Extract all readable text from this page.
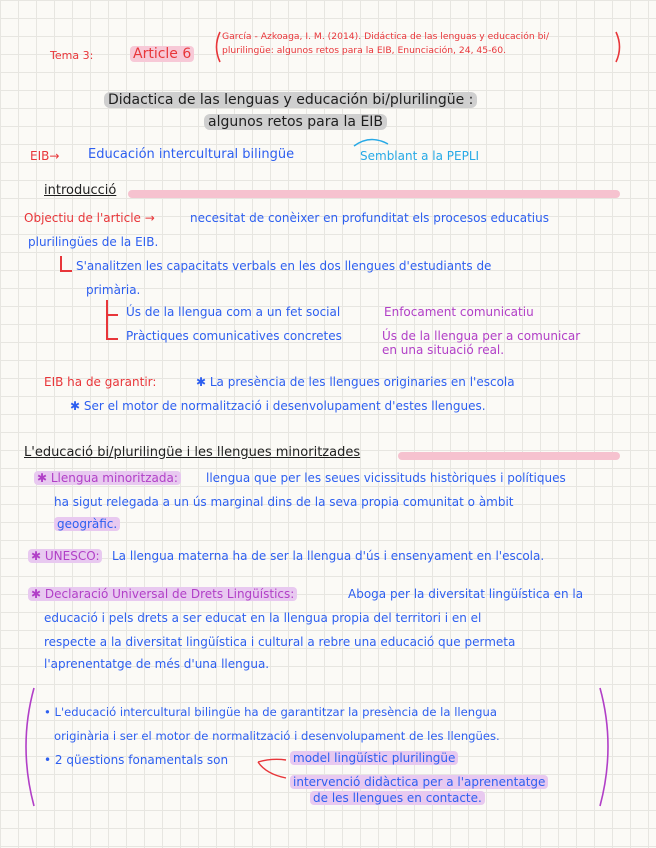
Tema 3:	Article 6
García - Azkoaga, I. M. (2014). Didáctica de las lenguas y educación bi/
plurilingüe: algunos retos para la EIB, Enunciación, 24, 45-60.
Didactica de las lenguas y educación bi/plurilingüe :
algunos retos para la EIB
EIB→ Educación intercultural bilingüe	Semblant a la PEPLI
introducció
Objectiu de l'article →	necesitat de conèixer en profunditat els procesos educatius
plurilingües de la EIB.
S'analitzen les capacitats verbals en les dos llengues d'estudiants de
primària.
Ús de la llengua com a un fet social	Enfocament comunicatiu
Pràctiques comunicatives concretes	Ús de la llengua per a comunicar
en una situació real.
EIB ha de garantir:	✱ La presència de les llengues originaries en l'escola
✱ Ser el motor de normalització i desenvolupament d'estes llengues.
L'educació bi/plurilingüe i les llengues minoritzades
✱ Llengua minoritzada: llengua que per les seues vicissituds històriques i polítiques
ha sigut relegada a un ús marginal dins de la seva propia comunitat o àmbit
geogràfic.
✱ UNESCO: La llengua materna ha de ser la llengua d'ús i ensenyament en l'escola.
✱ Declaració Universal de Drets Lingüístics:	Aboga per la diversitat lingüística en la
educació i pels drets a ser educat en la llengua propia del territori i en el
respecte a la diversitat lingüística i cultural a rebre una educació que permeta
l'aprenentatge de més d'una llengua.
• L'educació intercultural bilingüe ha de garantitzar la presència de la llengua
originària i ser el motor de normalització i desenvolupament de les llengües.
• 2 qüestions fonamentals son	model lingüístic plurilingüe
intervenció didàctica per a l'aprenentatge
de les llengues en contacte.
